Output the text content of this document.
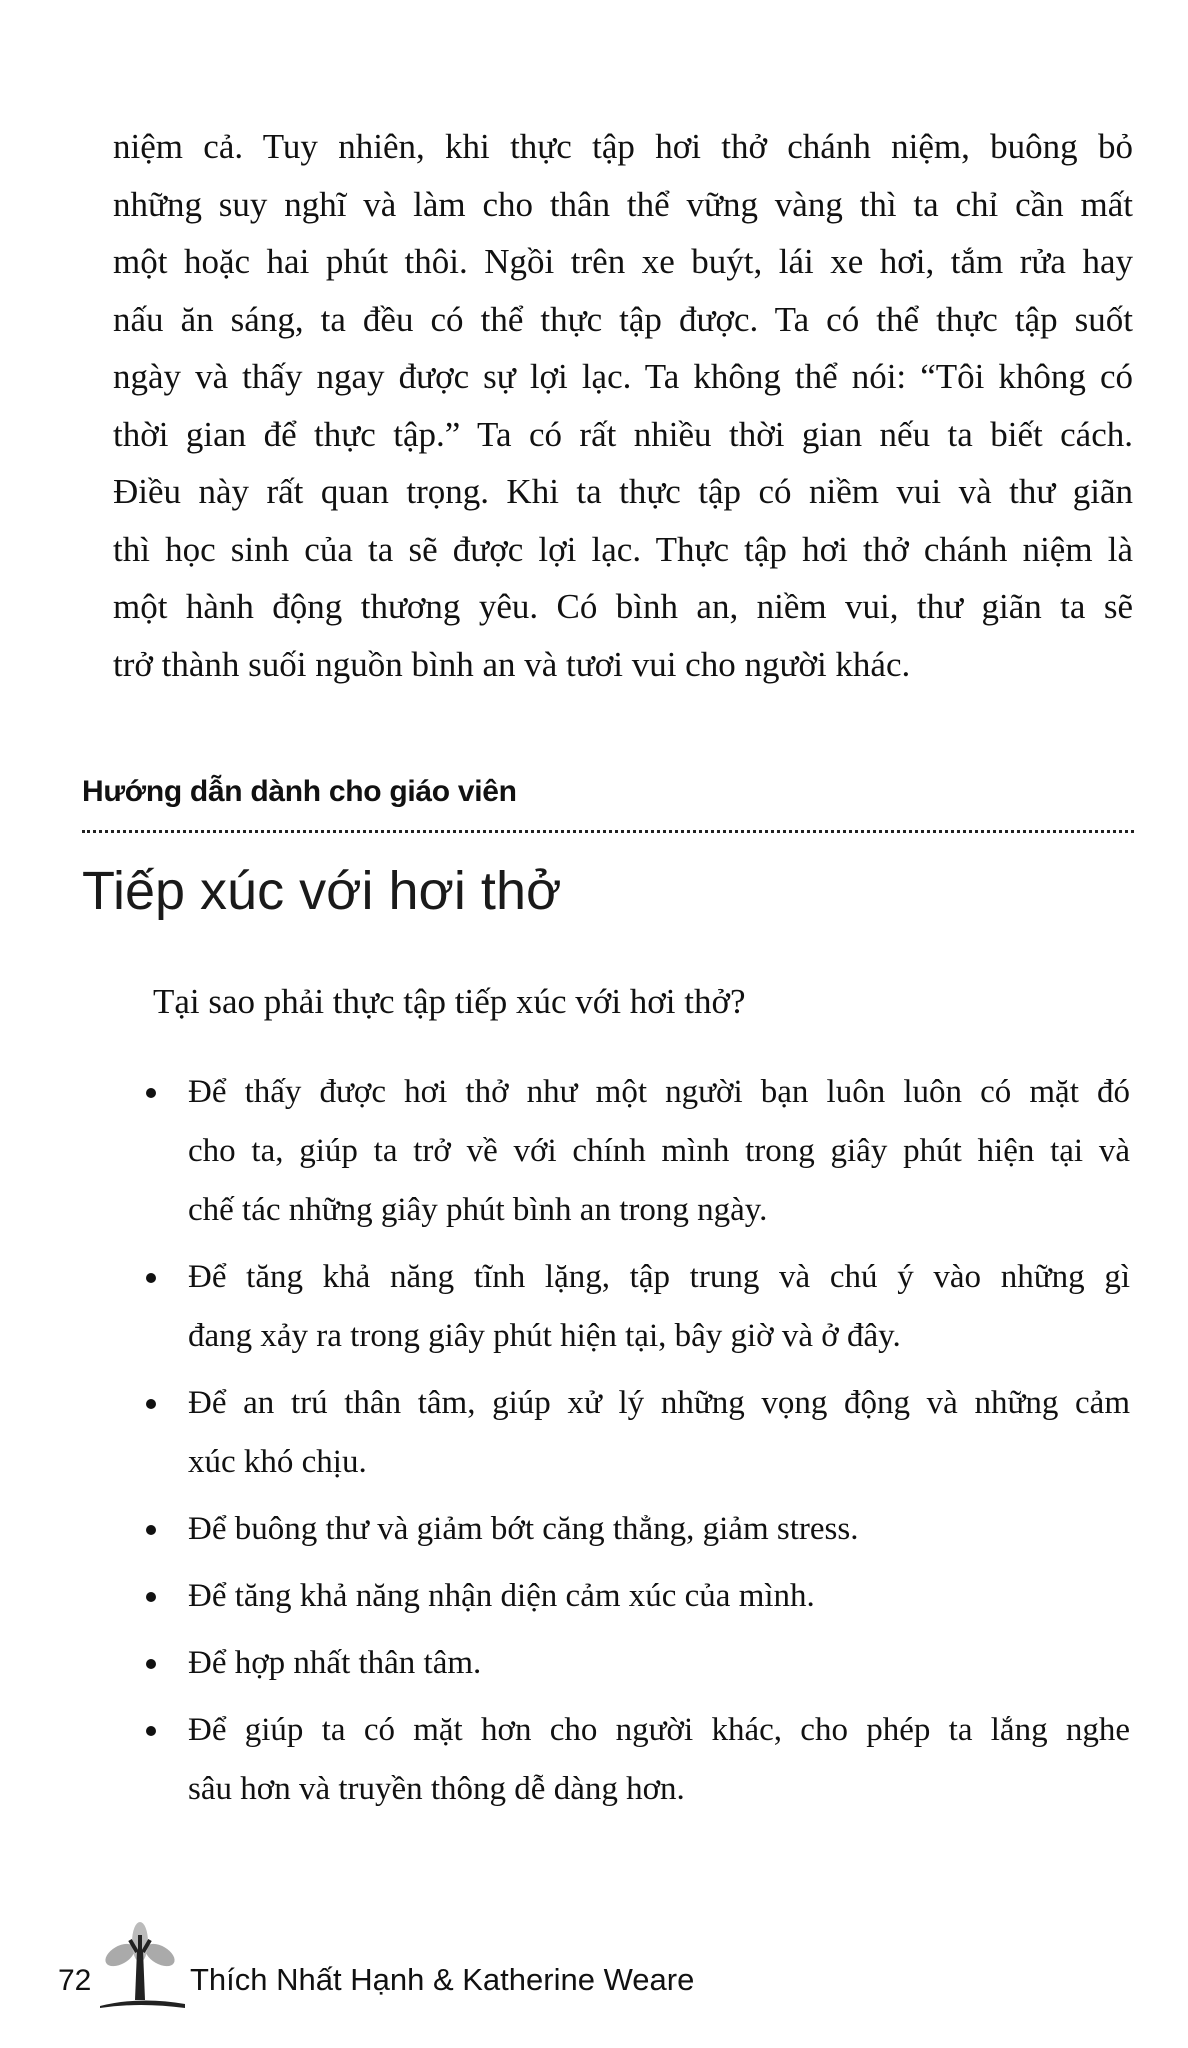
niệm cả. Tuy nhiên, khi thực tập hơi thở chánh niệm, buông bỏ
những suy nghĩ và làm cho thân thể vững vàng thì ta chỉ cần mất
một hoặc hai phút thôi. Ngồi trên xe buýt, lái xe hơi, tắm rửa hay
nấu ăn sáng, ta đều có thể thực tập được. Ta có thể thực tập suốt
ngày và thấy ngay được sự lợi lạc. Ta không thể nói: “Tôi không có
thời gian để thực tập.” Ta có rất nhiều thời gian nếu ta biết cách.
Điều này rất quan trọng. Khi ta thực tập có niềm vui và thư giãn
thì học sinh của ta sẽ được lợi lạc. Thực tập hơi thở chánh niệm là
một hành động thương yêu. Có bình an, niềm vui, thư giãn ta sẽ
trở thành suối nguồn bình an và tươi vui cho người khác.
Hướng dẫn dành cho giáo viên
Tiếp xúc với hơi thở
Tại sao phải thực tập tiếp xúc với hơi thở?
Để thấy được hơi thở như một người bạn luôn luôn có mặt đó
cho ta, giúp ta trở về với chính mình trong giây phút hiện tại và
chế tác những giây phút bình an trong ngày.
Để tăng khả năng tĩnh lặng, tập trung và chú ý vào những gì
đang xảy ra trong giây phút hiện tại, bây giờ và ở đây.
Để an trú thân tâm, giúp xử lý những vọng động và những cảm
xúc khó chịu.
Để buông thư và giảm bớt căng thẳng, giảm stress.
Để tăng khả năng nhận diện cảm xúc của mình.
Để hợp nhất thân tâm.
Để giúp ta có mặt hơn cho người khác, cho phép ta lắng nghe
sâu hơn và truyền thông dễ dàng hơn.
72	Thích Nhất Hạnh & Katherine Weare
